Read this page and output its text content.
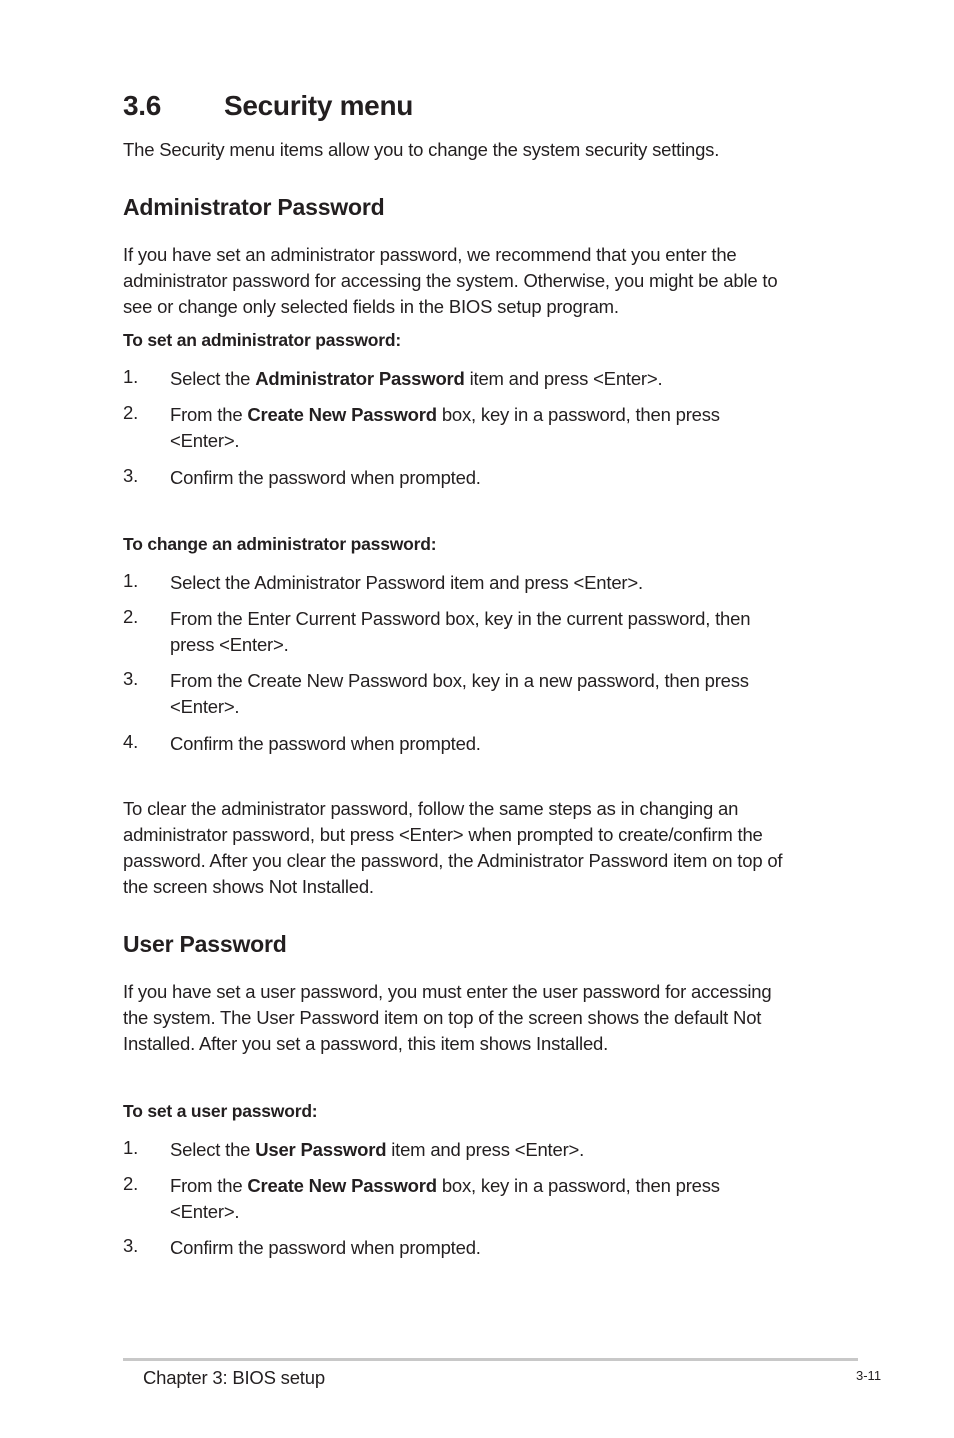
3.6 Security menu
The Security menu items allow you to change the system security settings.
Administrator Password
If you have set an administrator password, we recommend that you enter the
administrator password for accessing the system. Otherwise, you might be able to
see or change only selected fields in the BIOS setup program.
To set an administrator password:
1. Select the Administrator Password item and press <Enter>.
2. From the Create New Password box, key in a password, then press
<Enter>.
3. Confirm the password when prompted.
To change an administrator password:
1. Select the Administrator Password item and press <Enter>.
2. From the Enter Current Password box, key in the current password, then
press <Enter>.
3. From the Create New Password box, key in a new password, then press
<Enter>.
4. Confirm the password when prompted.
To clear the administrator password, follow the same steps as in changing an
administrator password, but press <Enter> when prompted to create/confirm the
password. After you clear the password, the Administrator Password item on top of
the screen shows Not Installed.
User Password
If you have set a user password, you must enter the user password for accessing
the system. The User Password item on top of the screen shows the default Not
Installed. After you set a password, this item shows Installed.
To set a user password:
1. Select the User Password item and press <Enter>.
2. From the Create New Password box, key in a password, then press
<Enter>.
3. Confirm the password when prompted.
Chapter 3: BIOS setup	3-11
